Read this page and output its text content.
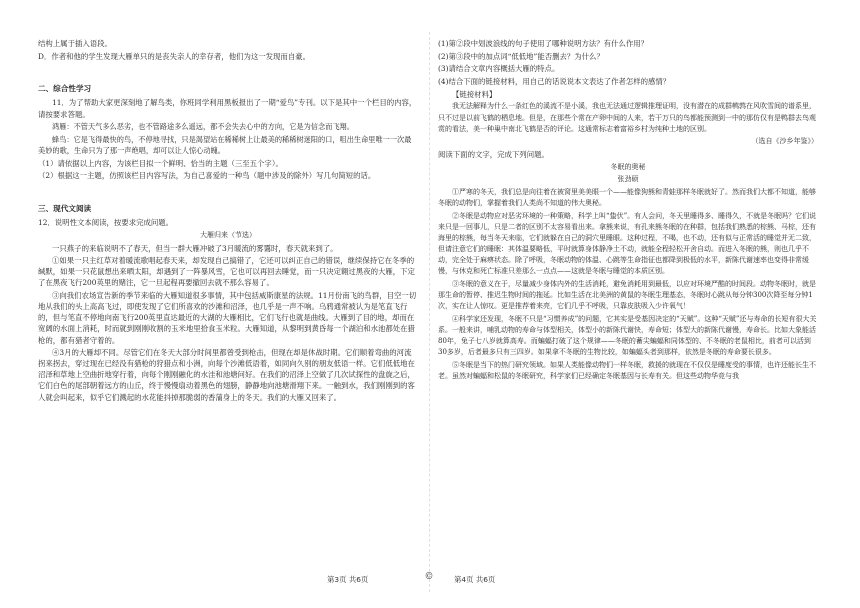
结构上属于插入语段。

D．作者和他的学生发现大雁单只的是丧失亲人的幸存者，他们为这一发现而自豪。

二、综合性学习

11．为了帮助大家更深刻地了解鸟类，你班同学利用黑板报出了一期“爱鸟”专刊。以下是其中一个栏目的内容，请按要求答题。

鸿雁：不管天气多么恶劣，也不管路途多么遥远，都不会失去心中的方向，它是为信念而飞翔。

蜂鸟：它是飞得最快的鸟，不停地寻找，只是渴望站在稀稀树上让最美的稀稀树迷阳的口，咀出生命里唯一一次最美妙的歌，生命只为了那一声绝唱，却可以让人惊心动魄。

（1）请依据以上内容，为该栏目拟一个鲜明、恰当的主题（三至五个字）。

（2）根据这一主题，仿照该栏目内容写法，为自己喜爱的一种鸟（题中涉及的除外）写几句简短的话。

三、现代文阅读

12．说明性文本阅读，按要求完成问题。

大雁归来（节选）

一只燕子的来临说明不了春天，但当一群大雁冲破了3月暖流的雾霭时，春天就来到了。

①如果一只主红草对着暖流歌唱起春天来，却发现自己搞错了，它还可以纠正自己的错误，继续保持它在冬季的缄默，如果一只花鼠想出来晒太阳，却遇到了一阵暴风雪，它也可以再回去睡觉，而一只决定翱过黑夜的大雁，下定了在黑夜飞行200英里的赌注，它一旦起程再要撤回去就不那么容易了。

③向我们农场宣告新的季节来临的大雁知道很多事情，其中包括威斯康星的法规。11月份南飞的鸟群，目空一切地从我们的头上高高飞过，即使发现了它们所喜欢的沙滩和沼泽，也几乎是一声不响。乌鸦通常被认为是笔直飞行的，但与笔直不停地向南飞行200英里直达最近的大湖的大雁相比，它们飞行也就是曲线。大雁到了目的地，却而在宽阔的水面上消耗，时而就到刚刚收割的玉米地里拾食玉米粒。大雁知道，从黎明到黄昏每一个湖泊和水池都处在猎枪的，都有猎者守着的。

④3月的大雁却不同。尽管它们在冬天大部分时间里都曾受到枪击，但现在却是休战时期。它们顺着弯曲的河流拐来拐去，穿过现在已经没有猎枪的狩猎点和小洲，向每个沙滩低语着，如同向久别的朋友低语一样。它们低低地在沼泽和草地上空曲折地穿行着，向每个刚刚融化的水洼和池塘问好。在我们的沼泽上空做了几次试探性的盘旋之后，它们白色的尾部朝着远方的山丘，终于慢慢扇动着黑色的翅膀，静静地向池塘滑翔下来。一触到水，我们刚刚到的客人就会叫起来，似乎它们溅起的水花能抖掉那脆弱的香蒲身上的冬天。我们的大雁又回来了。

(1)第②段中划波浪线的句子使用了哪种说明方法？有什么作用？

(2)第③段中的加点词“低低地”能否删去？为什么？

(3)请结合文章内容概括大雁的特点。

(4)结合下面的链接材料，用自己的话说说本文表达了作者怎样的感情？

【链接材料】

我无法解释为什么一条红色的溪流不是小溪，我也无法通过逻辑推理证明，没有潜在的成群鹌鹑在风吹雪间的谱系里，只不过是以前飞鹤的栖息地。但是，在那些个常在产卵中间的人来，若干万只的鸟都能预测到一中的那仿仅有是鸭群去鸟观赏的看法，美一种巢中南北飞鹤是否的评论。这通常标志着富裕乡村为纯种土地的区别。

（选自《沙乡年鉴》）

阅读下面的文字，完成下列问题。

冬眠的奥秘

张劲硕

①严寒的冬天，我们总是向往着在被窝里美美眼一个——能像狗熊和青蛙那样冬眠就好了。然而我们大都不知道，能够冬眠的动物们，掌握着我们人类尚不知道的伟大奥秘。

②冬眠是动物应对恶劣环境的一种策略，科学上叫“蛰伏”。有人会问，冬天里睡得多、睡得久，不就是冬眠吗？它们说来只是一回事儿，只是二者的区别不太容易看出来。拿熊来说，有孔来熊冬眠的在种群，包括我们熟悉的棕熊、马棕，还有海里的棕熊，每当冬天来临，它们就躲在自己的洞穴里睡眼。这种过程，不喝，也不动，还有似与正常活的睡觉并无二致，但请注意它们的睡眠：其体温要略低，平时就算身体静净土不动，就能全程轻松开舍自动。而进入冬眠的熊，则也几乎不动，完全处于麻痹状态。除了呼吸，冬眠动物的体温、心跳等生命指征也都降到极低的水平，新陈代谢速率也变得非常缓慢，与休克和死亡标准只差那么一点点——这就是冬眠与睡觉的本质区别。

③冬眠的意义在于，尽量减少身体内外的生活消耗，避免消耗用到最低，以应对环境严酷的时间段。动物冬眠时，就是那生命的暂停、推迟生物时间的拖延。比如生活在北美洲的黄鼠的冬眠生理基态，冬眠时心跳从每分钟300次降至每分钟1次，实在让人惊叹。更是推荐着来亮，它们几乎不呼吸，只靠皮肤吸入少许氧气！

④科学家还发现，冬眠不只是“习惯养成”的问题，它其实是受基因决定的“天赋”。这种“天赋”还与寿命的长短有很大关系。一般来讲，哺乳动物的寿命与体型相关，体型小的新陈代谢快，寿命短；体型大的新陈代谢慢，寿命长。比如大象能活80年，兔子七八岁就算高寿。而蝙蝠打破了这个规律——冬眠的蓄尖蝙蝠和同体型的、不冬眠的老鼠相比，前者可以活到30多岁，后者最多只有三四岁。如果拿不冬眠的生物比较，如蝙蝠头者到那样，依然是冬眠的寿命要长很多。

⑤冬眠是当下的热门研究领域。如果人类能像动物们一样冬眠，救援的就现在不仅仅是睡度受的事情，也许还能长生不老。虽然对蝙蝠和松鼠的冬眠研究，科学家们已经确定冬眠基因与长寿有关。但这些动物华竞与我

第3页 共6页	©	第4页 共6页
